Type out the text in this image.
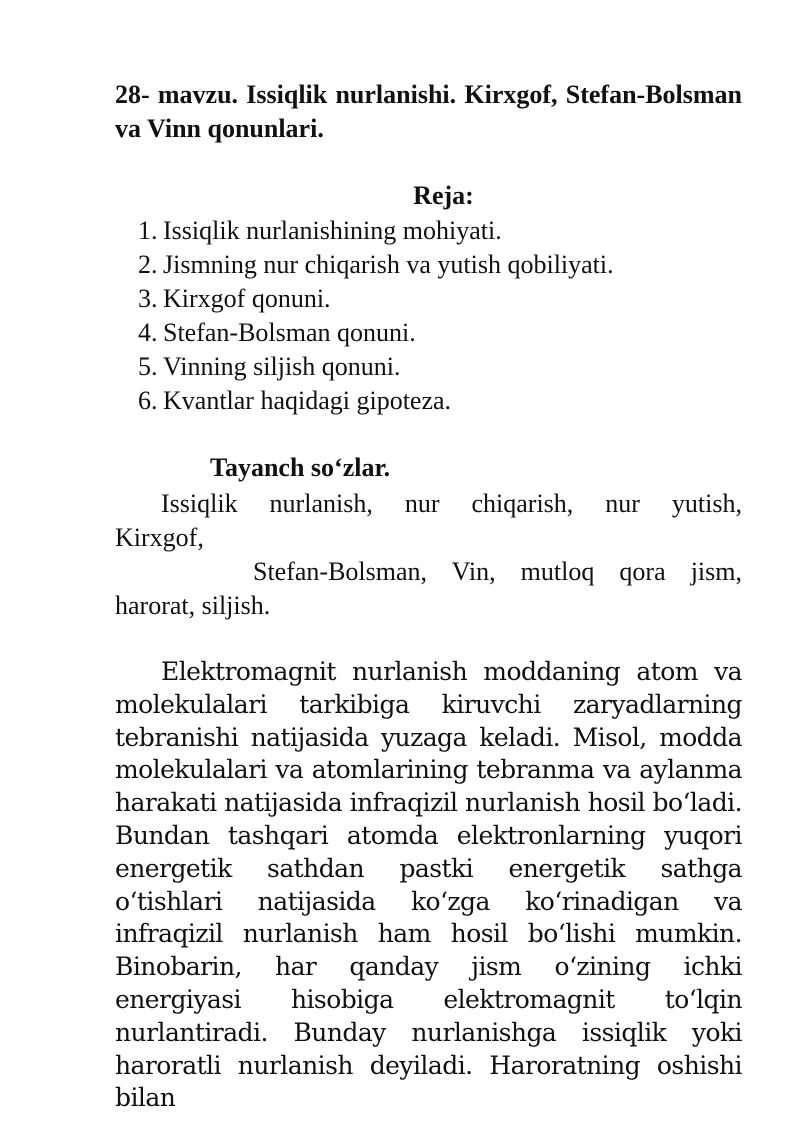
28- mavzu. Issiqlik nurlanishi. Kirxgof, Stefan-Bolsman va Vinn qonunlari.
Reja:
1. Issiqlik nurlanishining mohiyati.
2. Jismning nur chiqarish va yutish qobiliyati.
3. Kirxgof qonuni.
4. Stefan-Bolsman qonuni.
5. Vinning siljish qonuni.
6. Kvantlar haqidagi gipoteza.
Tayanch so‘zlar.

Issiqlik nurlanish, nur chiqarish, nur yutish,
Kirxgof,

Stefan-Bolsman, Vin, mutloq qora jism,
harorat, siljish.

Elektromagnit nurlanish moddaning atom va molekulalari tarkibiga kiruvchi zaryadlarning tebranishi natijasida yuzaga keladi. Misol, modda molekulalari va atomlarining tebranma va aylanma harakati natijasida infraqizil nurlanish hosil bo‘ladi. Bundan tashqari atomda elektronlarning yuqori energetik sathdan pastki energetik sathga o‘tishlari natijasida ko‘zga ko‘rinadigan va infraqizil nurlanish ham hosil bo‘lishi mumkin. Binobarin, har qanday jism o‘zining ichki energiyasi hisobiga elektromagnit to‘lqin nurlantiradi. Bunday nurlanishga issiqlik yoki haroratli nurlanish deyiladi. Haroratning oshishi bilan
